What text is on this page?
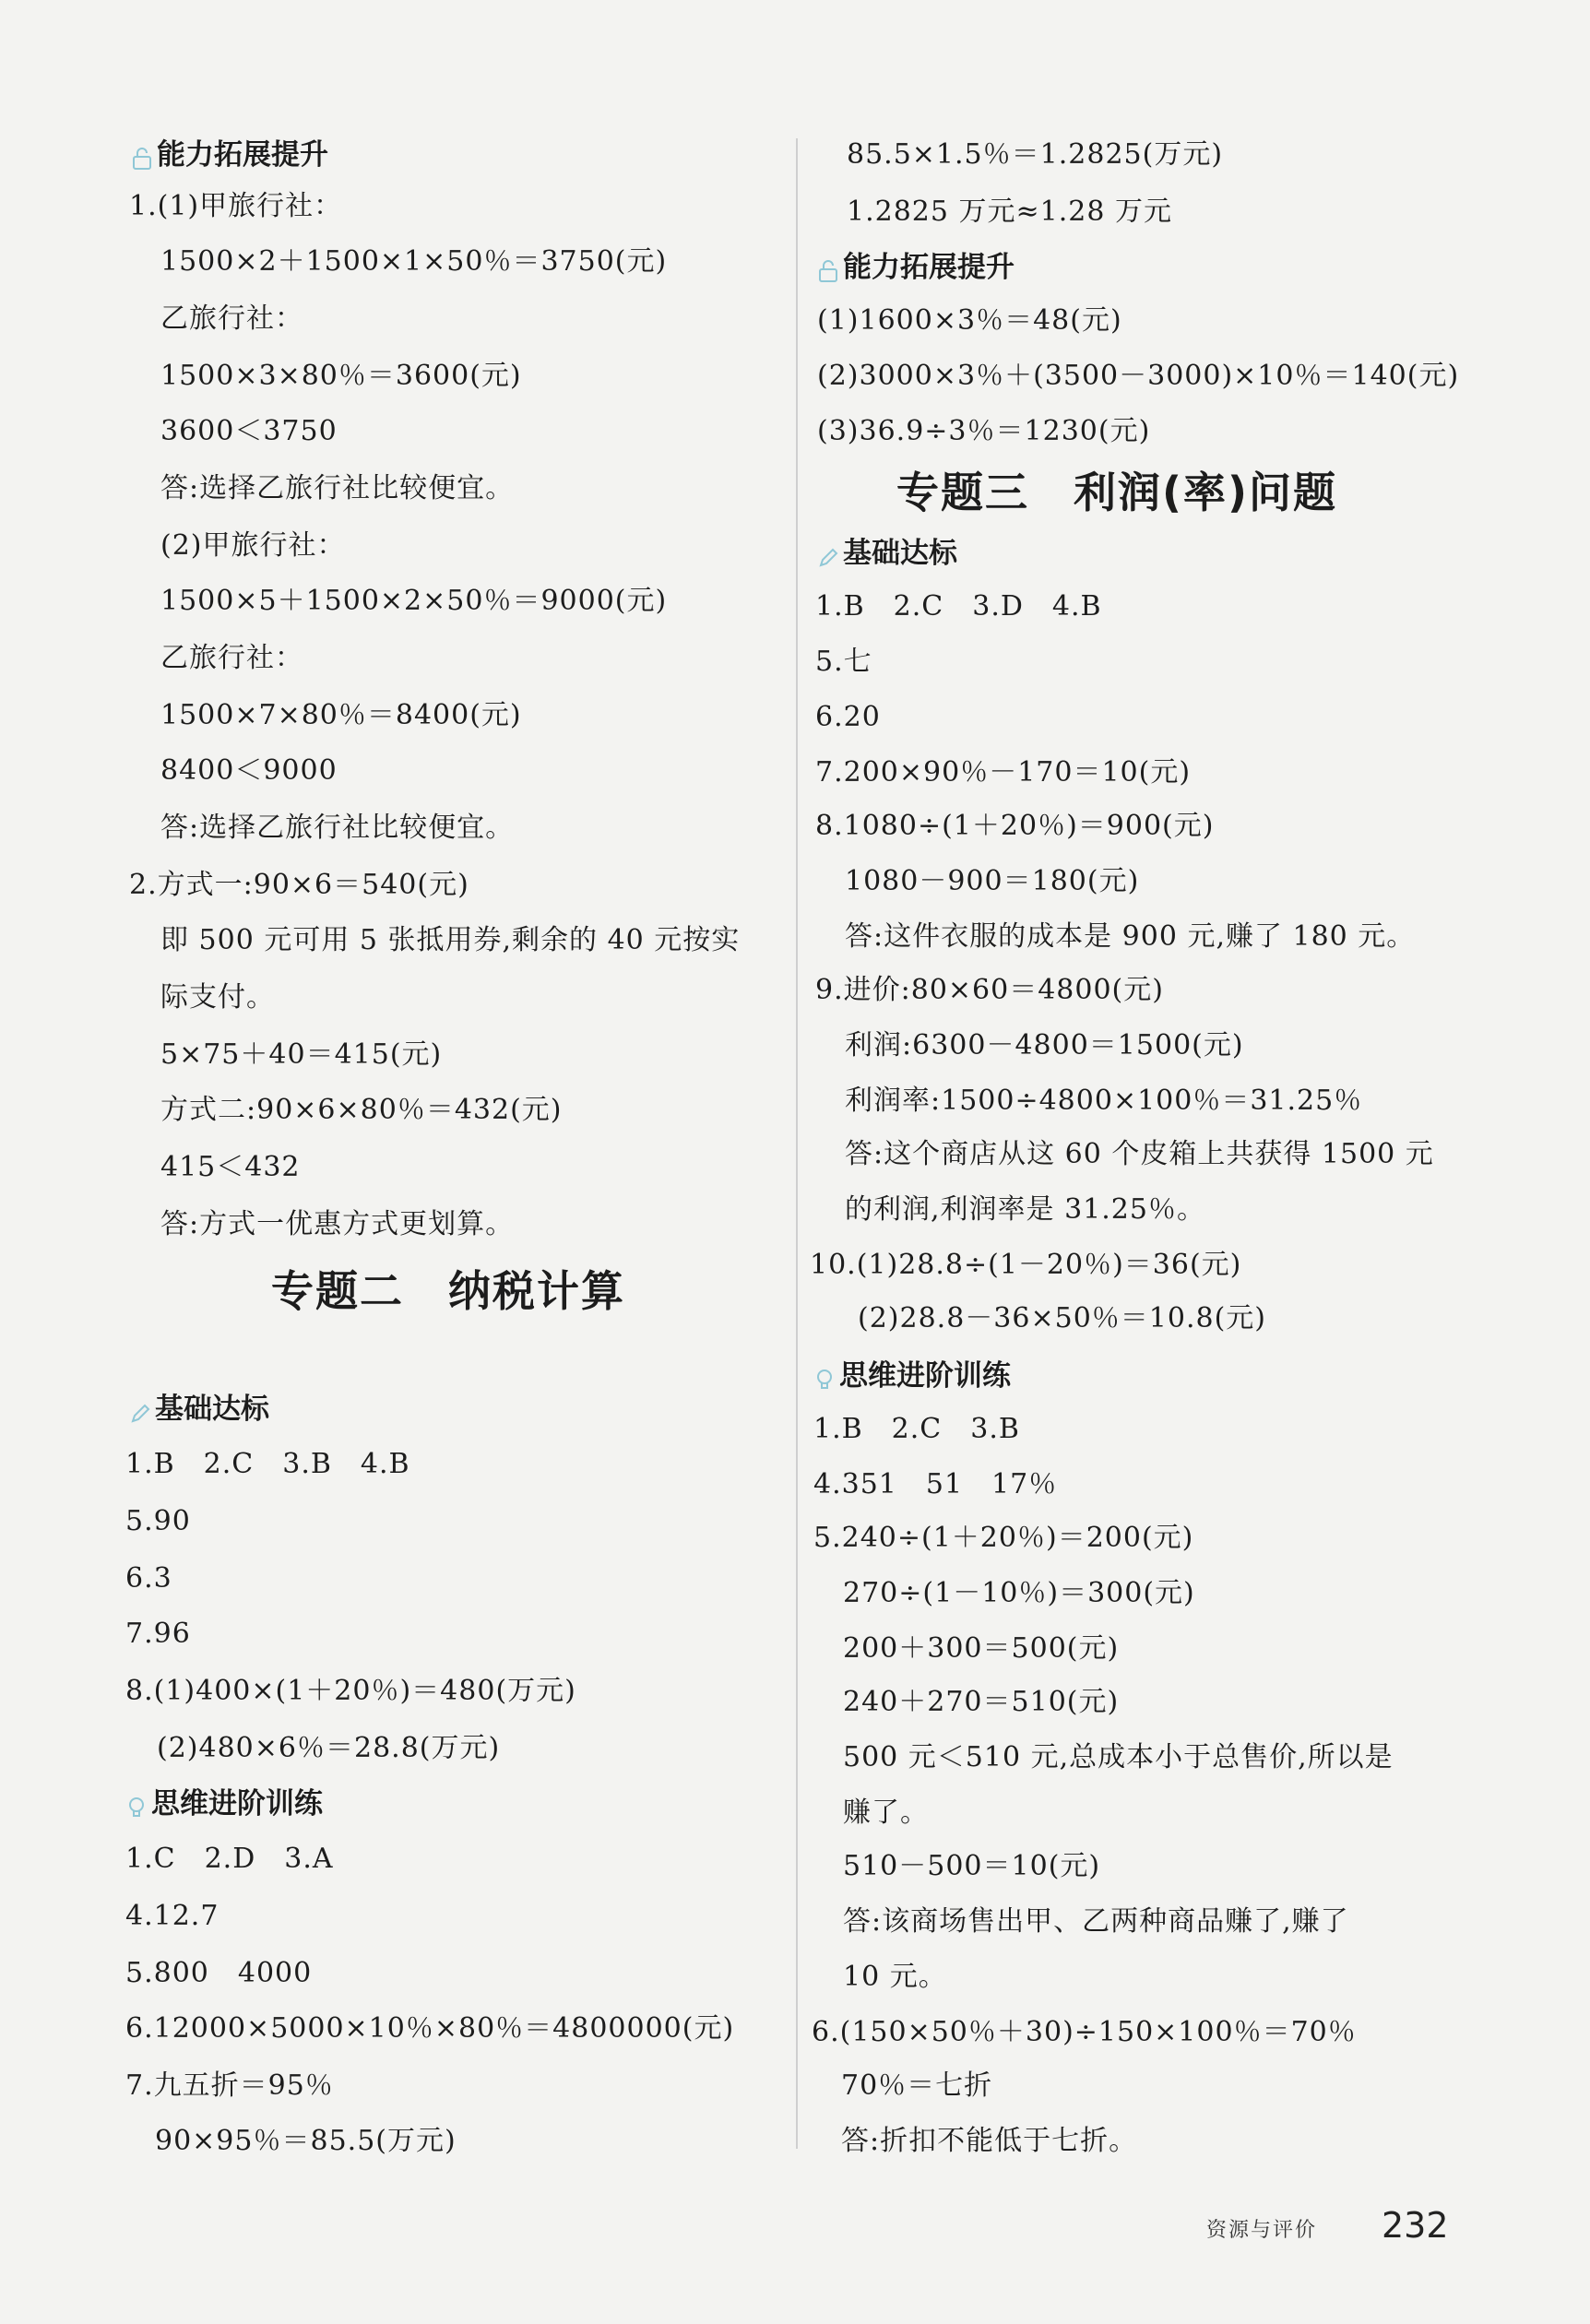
能力拓展提升
1.(1)甲旅行社：
1500×2＋1500×1×50％＝3750(元)
乙旅行社：
1500×3×80％＝3600(元)
3600＜3750
答:选择乙旅行社比较便宜。
(2)甲旅行社：
1500×5＋1500×2×50％＝9000(元)
乙旅行社：
1500×7×80％＝8400(元)
8400＜9000
答:选择乙旅行社比较便宜。
2.方式一:90×6＝540(元)
即 500 元可用 5 张抵用券,剩余的 40 元按实
际支付。
5×75＋40＝415(元)
方式二:90×6×80％＝432(元)
415＜432
答:方式一优惠方式更划算。
专题二　纳税计算
基础达标
1.B　2.C　3.B　4.B
5.90
6.3
7.96
8.(1)400×(1＋20％)＝480(万元)
(2)480×6％＝28.8(万元)
思维进阶训练
1.C　2.D　3.A
4.12.7
5.800　4000
6.12000×5000×10％×80％＝4800000(元)
7.九五折＝95％
90×95％＝85.5(万元)
85.5×1.5％＝1.2825(万元)
1.2825 万元≈1.28 万元
能力拓展提升
(1)1600×3％＝48(元)
(2)3000×3％＋(3500－3000)×10％＝140(元)
(3)36.9÷3％＝1230(元)
专题三　利润(率)问题
基础达标
1.B　2.C　3.D　4.B
5.七
6.20
7.200×90％－170＝10(元)
8.1080÷(1＋20％)＝900(元)
1080－900＝180(元)
答:这件衣服的成本是 900 元,赚了 180 元。
9.进价:80×60＝4800(元)
利润:6300－4800＝1500(元)
利润率:1500÷4800×100％＝31.25％
答:这个商店从这 60 个皮箱上共获得 1500 元
的利润,利润率是 31.25％。
10.(1)28.8÷(1－20％)＝36(元)
(2)28.8－36×50％＝10.8(元)
思维进阶训练
1.B　2.C　3.B
4.351　51　17％
5.240÷(1＋20％)＝200(元)
270÷(1－10％)＝300(元)
200＋300＝500(元)
240＋270＝510(元)
500 元＜510 元,总成本小于总售价,所以是
赚了。
510－500＝10(元)
答:该商场售出甲、乙两种商品赚了,赚了
10 元。
6.(150×50％＋30)÷150×100％＝70％
70％＝七折
答:折扣不能低于七折。
资源与评价 232
